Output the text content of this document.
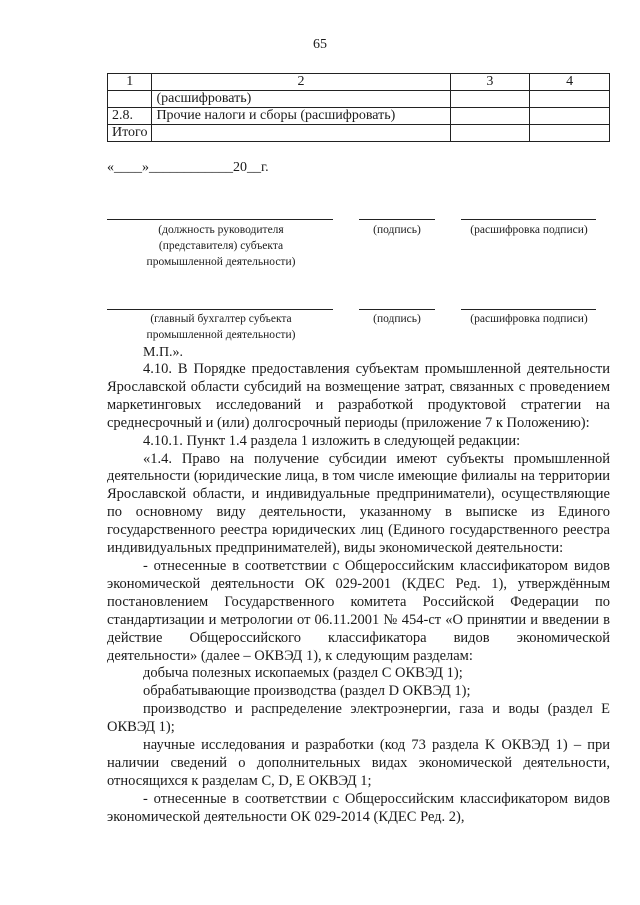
65
1	2	3	4
	(расшифровать)		
2.8.	Прочие налоги и сборы (расшифровать)		
Итого			
«____»____________20__г.
(должность руководителя (представителя) субъекта промышленной деятельности)
(подпись)	(расшифровка подписи)
(главный бухгалтер субъекта промышленной деятельности)
(подпись)	(расшифровка подписи)
М.П.».

4.10. В Порядке предоставления субъектам промышленной деятельности Ярославской области субсидий на возмещение затрат, связанных с проведением маркетинговых исследований и разработкой продуктовой стратегии на среднесрочный и (или) долгосрочный периоды (приложение 7 к Положению):

4.10.1. Пункт 1.4 раздела 1 изложить в следующей редакции:

«1.4. Право на получение субсидии имеют субъекты промышленной деятельности (юридические лица, в том числе имеющие филиалы на территории Ярославской области, и индивидуальные предприниматели), осуществляющие по основному виду деятельности, указанному в выписке из Единого государственного реестра юридических лиц (Единого государственного реестра индивидуальных предпринимателей), виды экономической деятельности:

- отнесенные в соответствии с Общероссийским классификатором видов экономической деятельности ОК 029-2001 (КДЕС Ред. 1), утверждённым постановлением Государственного комитета Российской Федерации по стандартизации и метрологии от 06.11.2001 № 454-ст «О принятии и введении в действие Общероссийского классификатора видов экономической деятельности» (далее – ОКВЭД 1), к следующим разделам:

добыча полезных ископаемых (раздел C ОКВЭД 1);

обрабатывающие производства (раздел D ОКВЭД 1);

производство и распределение электроэнергии, газа и воды (раздел E ОКВЭД 1);

научные исследования и разработки (код 73 раздела K ОКВЭД 1) – при наличии сведений о дополнительных видах экономической деятельности, относящихся к разделам C, D, E ОКВЭД 1;

- отнесенные в соответствии с Общероссийским классификатором видов экономической деятельности ОК 029-2014 (КДЕС Ред. 2),
